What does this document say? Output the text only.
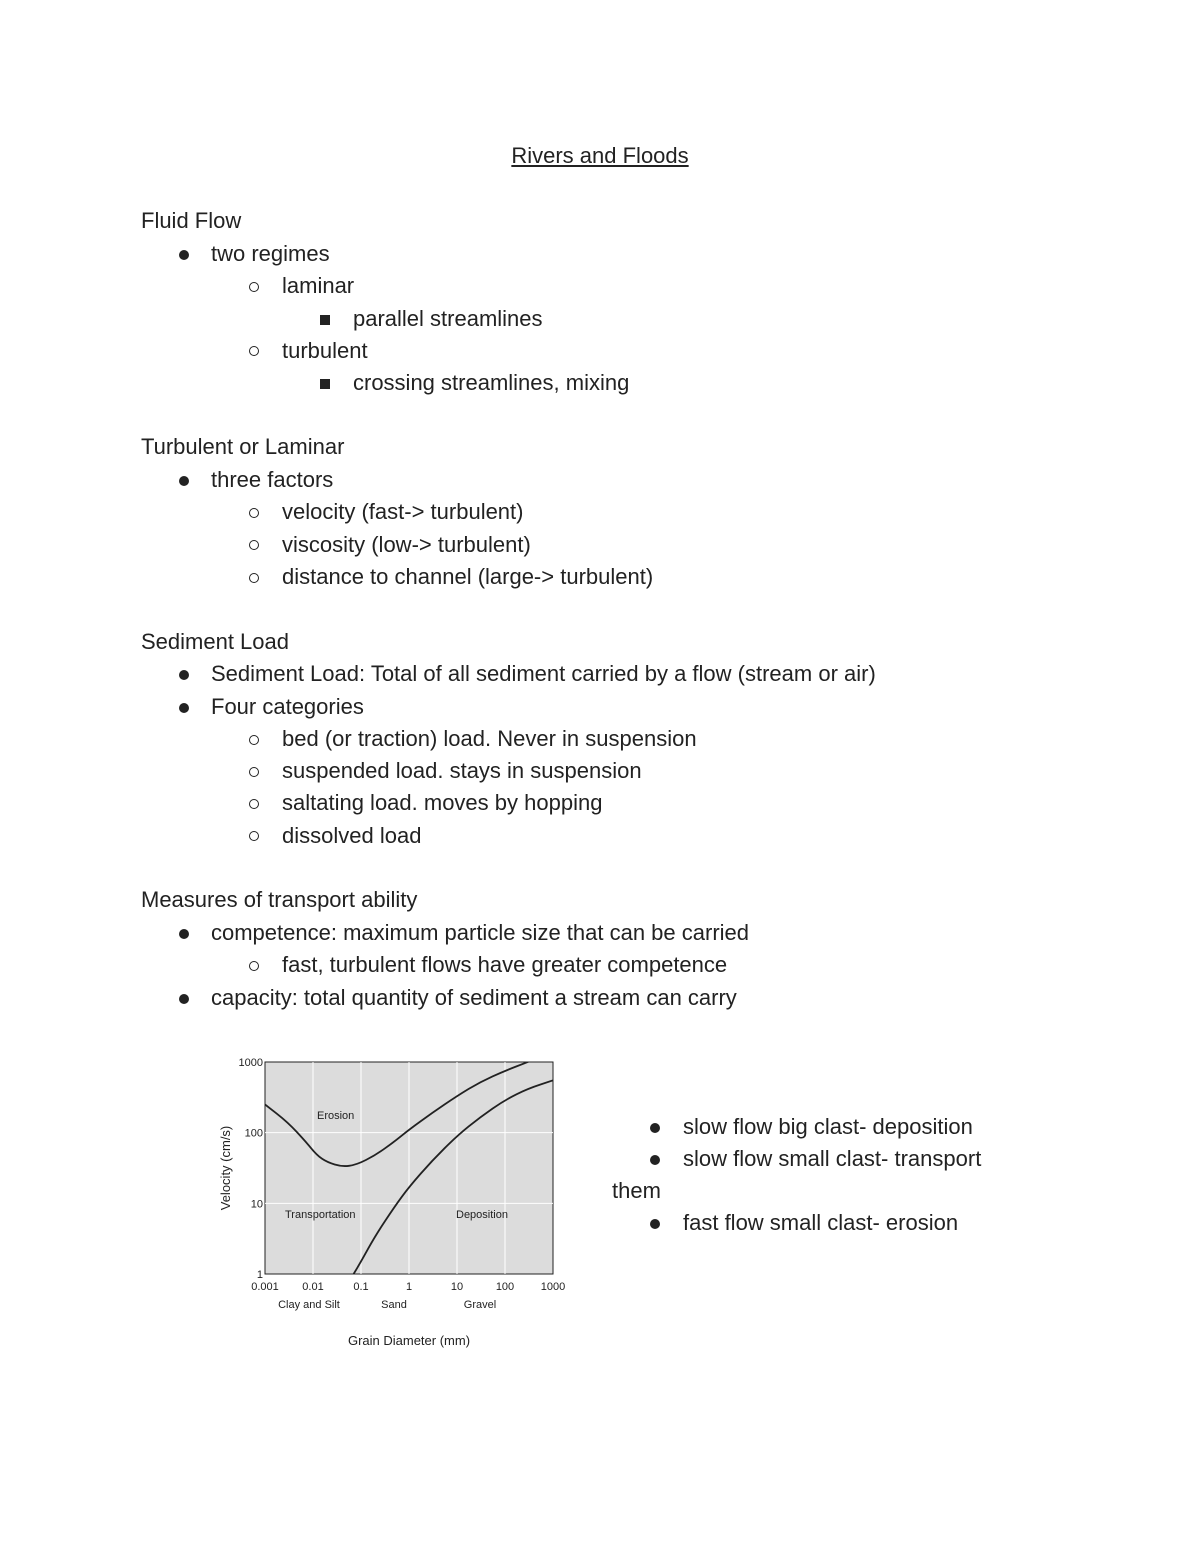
Rivers and Floods
Fluid Flow
two regimes
laminar
parallel streamlines
turbulent
crossing streamlines, mixing
Turbulent or Laminar
three factors
velocity (fast-> turbulent)
viscosity (low-> turbulent)
distance to channel (large-> turbulent)
Sediment Load
Sediment Load: Total of all sediment carried by a flow (stream or air)
Four categories
bed (or traction) load. Never in suspension
suspended load. stays in suspension
saltating load. moves by hopping
dissolved load
Measures of transport ability
competence: maximum particle size that can be carried
fast, turbulent flows have greater competence
capacity: total quantity of sediment a stream can carry
0.001 0.01	0.1	1	10	100 1000
1
10
100
1000
Erosion
Transportation	Deposition
Clay and Silt	Sand	Gravel
Grain Diameter (mm)
Velocity (cm/s)	slow flow big clast- deposition
slow flow small clast- transport
them
fast flow small clast- erosion
